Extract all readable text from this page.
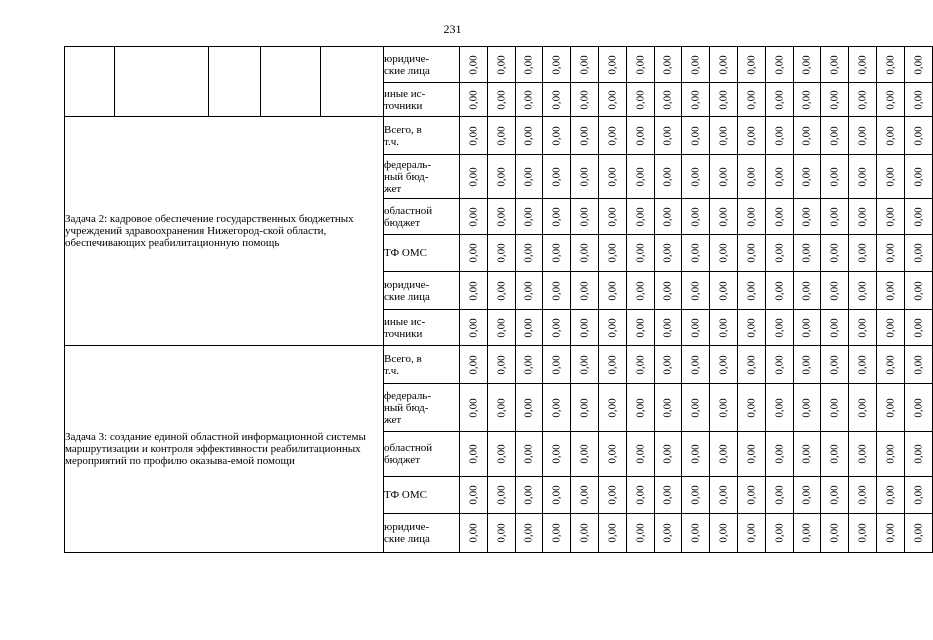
231
					юридиче-
ские лица	0,00	0,00	0,00	0,00	0,00	0,00	0,00	0,00	0,00	0,00	0,00	0,00	0,00	0,00	0,00	0,00	0,00
					иные ис-
точники	0,00	0,00	0,00	0,00	0,00	0,00	0,00	0,00	0,00	0,00	0,00	0,00	0,00	0,00	0,00	0,00	0,00
Задача 2: кадровое обеспечение государственных бюджетных учреждений здравоохранения Нижегород-ской области, обеспечивающих реабилитационную помощь					Всего, в
т.ч.	0,00	0,00	0,00	0,00	0,00	0,00	0,00	0,00	0,00	0,00	0,00	0,00	0,00	0,00	0,00	0,00	0,00
					федераль-
ный бюд-
жет	0,00	0,00	0,00	0,00	0,00	0,00	0,00	0,00	0,00	0,00	0,00	0,00	0,00	0,00	0,00	0,00	0,00
					областной
бюджет	0,00	0,00	0,00	0,00	0,00	0,00	0,00	0,00	0,00	0,00	0,00	0,00	0,00	0,00	0,00	0,00	0,00
					ТФ ОМС	0,00	0,00	0,00	0,00	0,00	0,00	0,00	0,00	0,00	0,00	0,00	0,00	0,00	0,00	0,00	0,00	0,00
					юридиче-
ские лица	0,00	0,00	0,00	0,00	0,00	0,00	0,00	0,00	0,00	0,00	0,00	0,00	0,00	0,00	0,00	0,00	0,00
					иные ис-
точники	0,00	0,00	0,00	0,00	0,00	0,00	0,00	0,00	0,00	0,00	0,00	0,00	0,00	0,00	0,00	0,00	0,00
Задача 3: создание единой областной информационной системы маршрутизации и контроля эффективности реабилитационных мероприятий по профилю оказыва-емой помощи					Всего, в
т.ч.	0,00	0,00	0,00	0,00	0,00	0,00	0,00	0,00	0,00	0,00	0,00	0,00	0,00	0,00	0,00	0,00	0,00
					федераль-
ный бюд-
жет	0,00	0,00	0,00	0,00	0,00	0,00	0,00	0,00	0,00	0,00	0,00	0,00	0,00	0,00	0,00	0,00	0,00
					областной
бюджет	0,00	0,00	0,00	0,00	0,00	0,00	0,00	0,00	0,00	0,00	0,00	0,00	0,00	0,00	0,00	0,00	0,00
					ТФ ОМС	0,00	0,00	0,00	0,00	0,00	0,00	0,00	0,00	0,00	0,00	0,00	0,00	0,00	0,00	0,00	0,00	0,00
					юридиче-
ские лица	0,00	0,00	0,00	0,00	0,00	0,00	0,00	0,00	0,00	0,00	0,00	0,00	0,00	0,00	0,00	0,00	0,00
